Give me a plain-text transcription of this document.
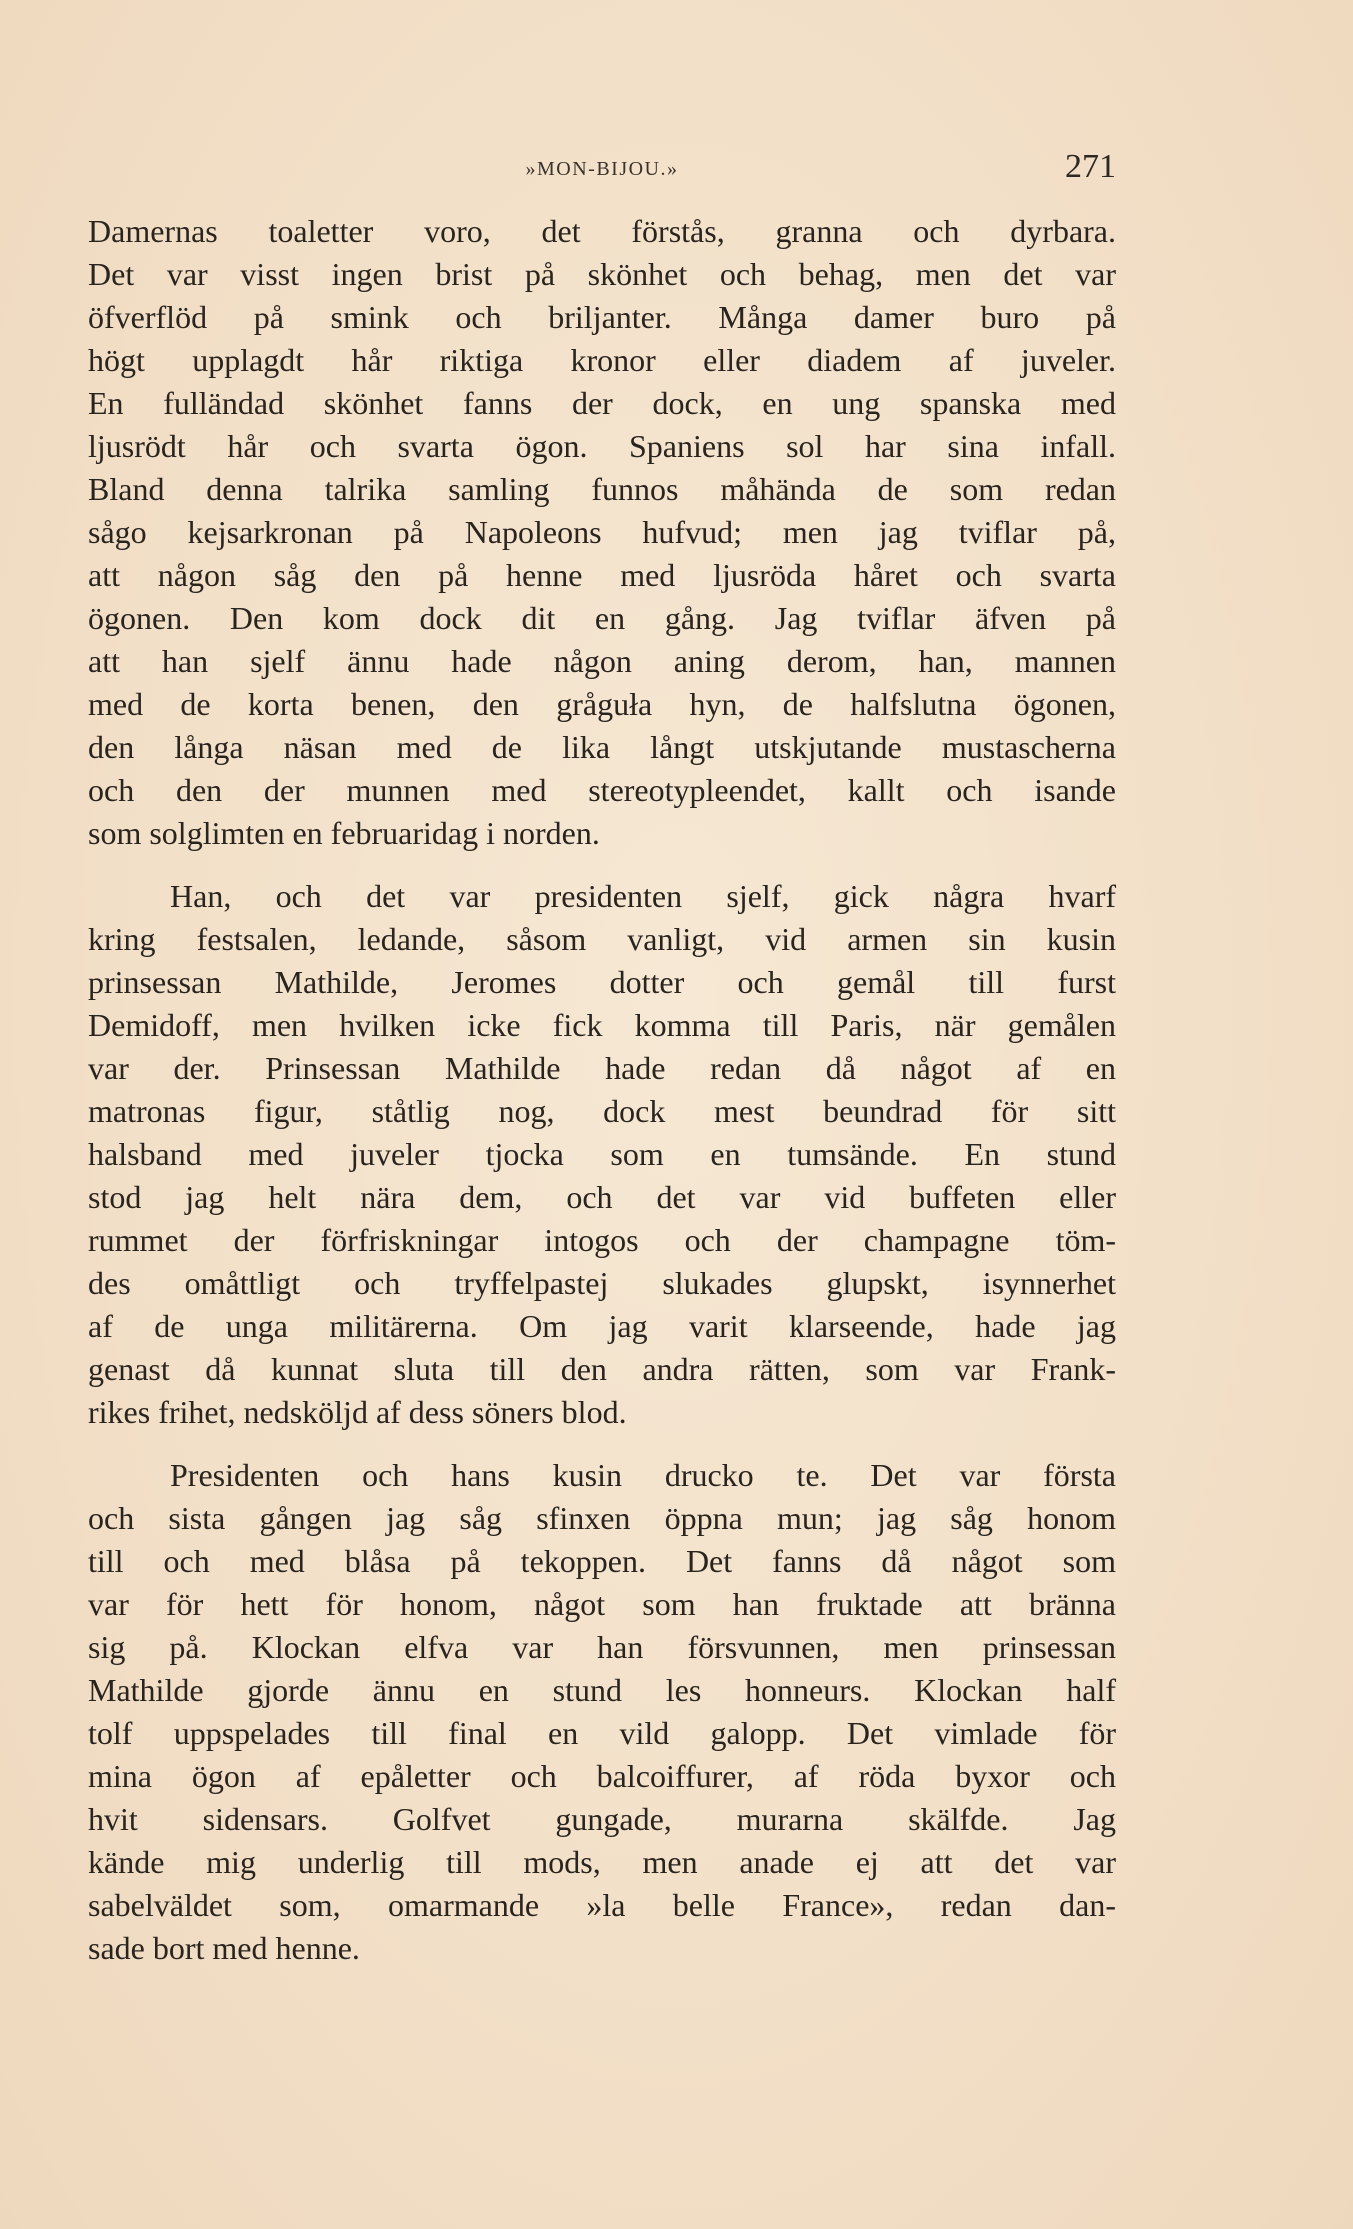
»MON-BIJOU.»	271

Damernas toaletter voro, det förstås, granna och dyrbara.
Det var visst ingen brist på skönhet och behag, men det var
öfverflöd på smink och briljanter. Många damer buro på
högt upplagdt hår riktiga kronor eller diadem af juveler.
En fulländad skönhet fanns der dock, en ung spanska med
ljusrödt hår och svarta ögon. Spaniens sol har sina infall.
Bland denna talrika samling funnos måhända de som redan
sågo kejsarkronan på Napoleons hufvud; men jag tviflar på,
att någon såg den på henne med ljusröda håret och svarta
ögonen. Den kom dock dit en gång. Jag tviflar äfven på
att han sjelf ännu hade någon aning derom, han, mannen
med de korta benen, den gråguła hyn, de halfslutna ögonen,
den långa näsan med de lika långt utskjutande mustascherna
och den der munnen med stereotypleendet, kallt och isande
som solglimten en februaridag i norden.

Han, och det var presidenten sjelf, gick några hvarf
kring festsalen, ledande, såsom vanligt, vid armen sin kusin
prinsessan Mathilde, Jeromes dotter och gemål till furst
Demidoff, men hvilken icke fick komma till Paris, när gemålen
var der. Prinsessan Mathilde hade redan då något af en
matronas figur, ståtlig nog, dock mest beundrad för sitt
halsband med juveler tjocka som en tumsände. En stund
stod jag helt nära dem, och det var vid buffeten eller
rummet der förfriskningar intogos och der champagne töm-
des omåttligt och tryffelpastej slukades glupskt, isynnerhet
af de unga militärerna. Om jag varit klarseende, hade jag
genast då kunnat sluta till den andra rätten, som var Frank-
rikes frihet, nedsköljd af dess söners blod.

Presidenten och hans kusin drucko te. Det var första
och sista gången jag såg sfinxen öppna mun; jag såg honom
till och med blåsa på tekoppen. Det fanns då något som
var för hett för honom, något som han fruktade att bränna
sig på. Klockan elfva var han försvunnen, men prinsessan
Mathilde gjorde ännu en stund les honneurs. Klockan half
tolf uppspelades till final en vild galopp. Det vimlade för
mina ögon af epåletter och balcoiffurer, af röda byxor och
hvit sidensars. Golfvet gungade, murarna skälfde. Jag
kände mig underlig till mods, men anade ej att det var
sabelväldet som, omarmande »la belle France», redan dan-
sade bort med henne.
